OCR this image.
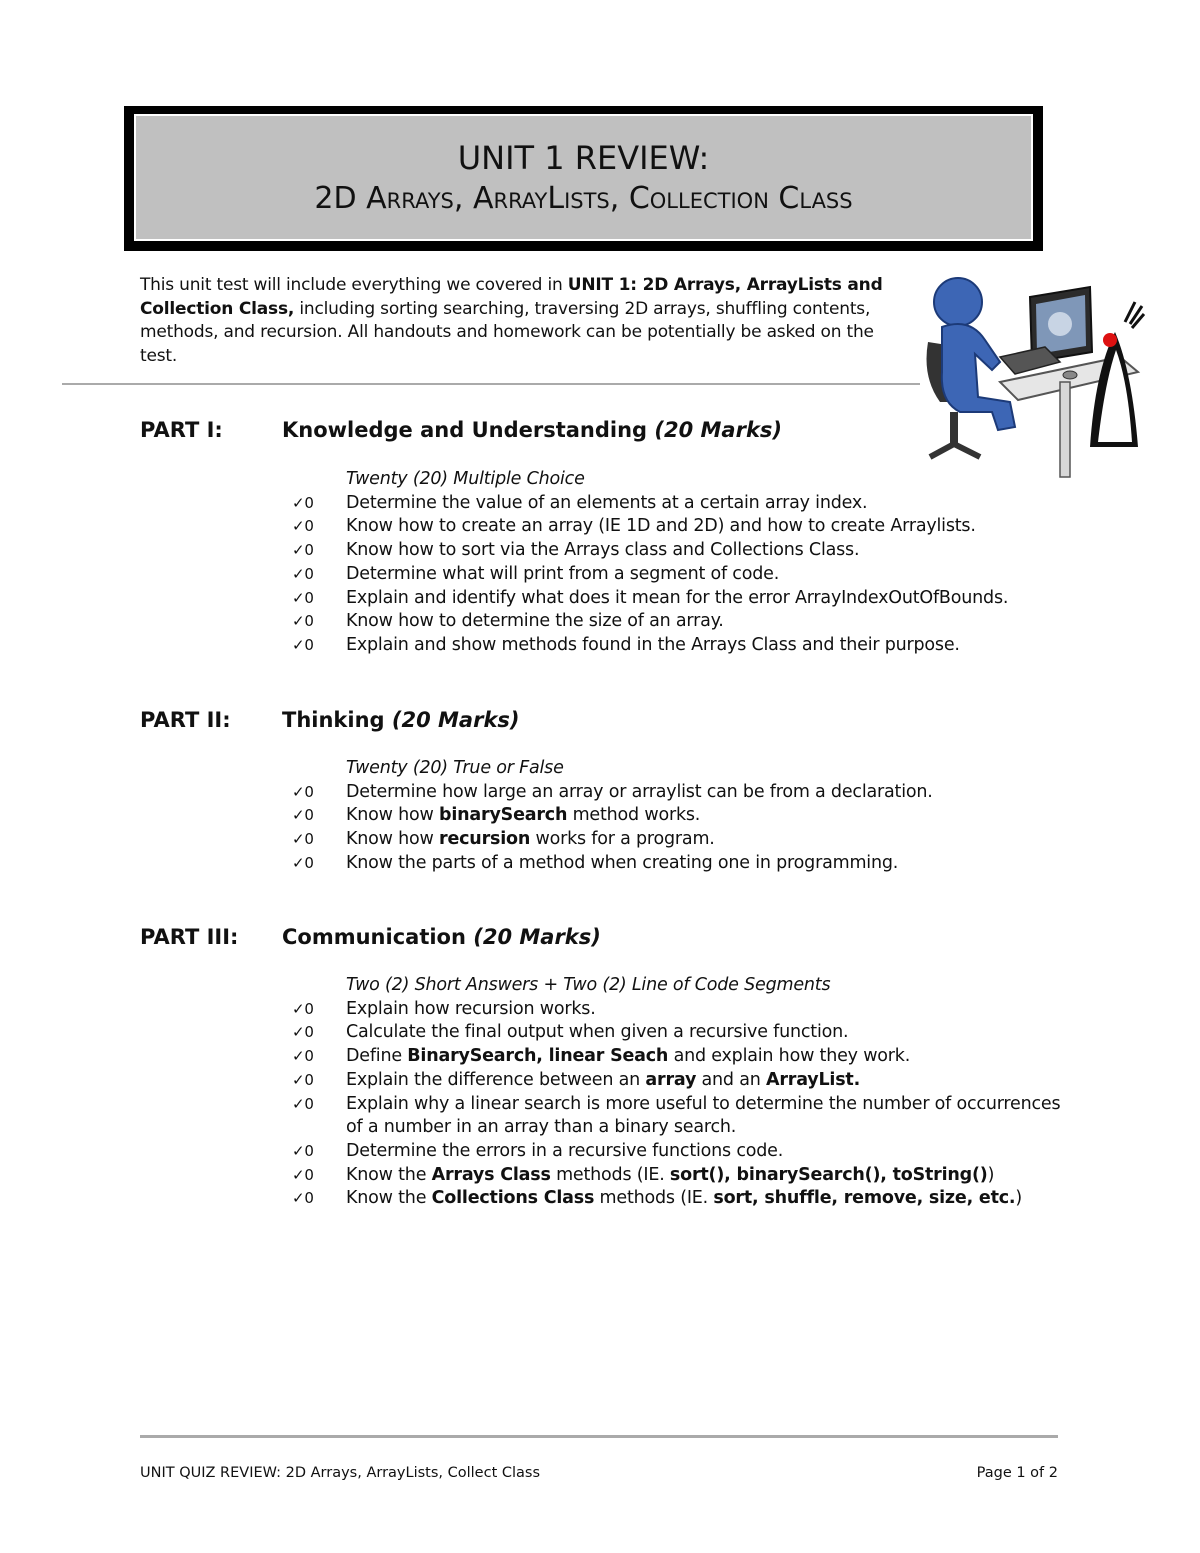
UNIT 1 REVIEW:
2D Arrays, ArrayLists, Collection Class
This unit test will include everything we covered in UNIT 1: 2D Arrays, ArrayLists and Collection Class, including sorting searching, traversing 2D arrays, shuffling contents, methods, and recursion. All handouts and homework can be potentially be asked on the test.
PART I:	Knowledge and Understanding (20 Marks)
Twenty (20) Multiple Choice
✓0	Determine the value of an elements at a certain array index.
✓0	Know how to create an array (IE 1D and 2D) and how to create Arraylists.
✓0	Know how to sort via the Arrays class and Collections Class.
✓0	Determine what will print from a segment of code.
✓0	Explain and identify what does it mean for the error ArrayIndexOutOfBounds.
✓0	Know how to determine the size of an array.
✓0	Explain and show methods found in the Arrays Class and their purpose.
PART II: Thinking (20 Marks)
Twenty (20) True or False
✓0	Determine how large an array or arraylist can be from a declaration.
✓0	Know how binarySearch method works.
✓0	Know how recursion works for a program.
✓0	Know the parts of a method when creating one in programming.
PART III: Communication (20 Marks)
Two (2) Short Answers + Two (2) Line of Code Segments
✓0	Explain how recursion works.
✓0	Calculate the final output when given a recursive function.
✓0	Define BinarySearch, linear Seach and explain how they work.
✓0	Explain the difference between an array and an ArrayList.
✓0	Explain why a linear search is more useful to determine the number of occurrences of a number in an array than a binary search.
✓0	Determine the errors in a recursive functions code.
✓0	Know the Arrays Class methods (IE. sort(), binarySearch(), toString())
✓0	Know the Collections Class methods (IE. sort, shuffle, remove, size, etc.)
UNIT QUIZ REVIEW: 2D Arrays, ArrayLists, Collect Class	Page 1 of 2
